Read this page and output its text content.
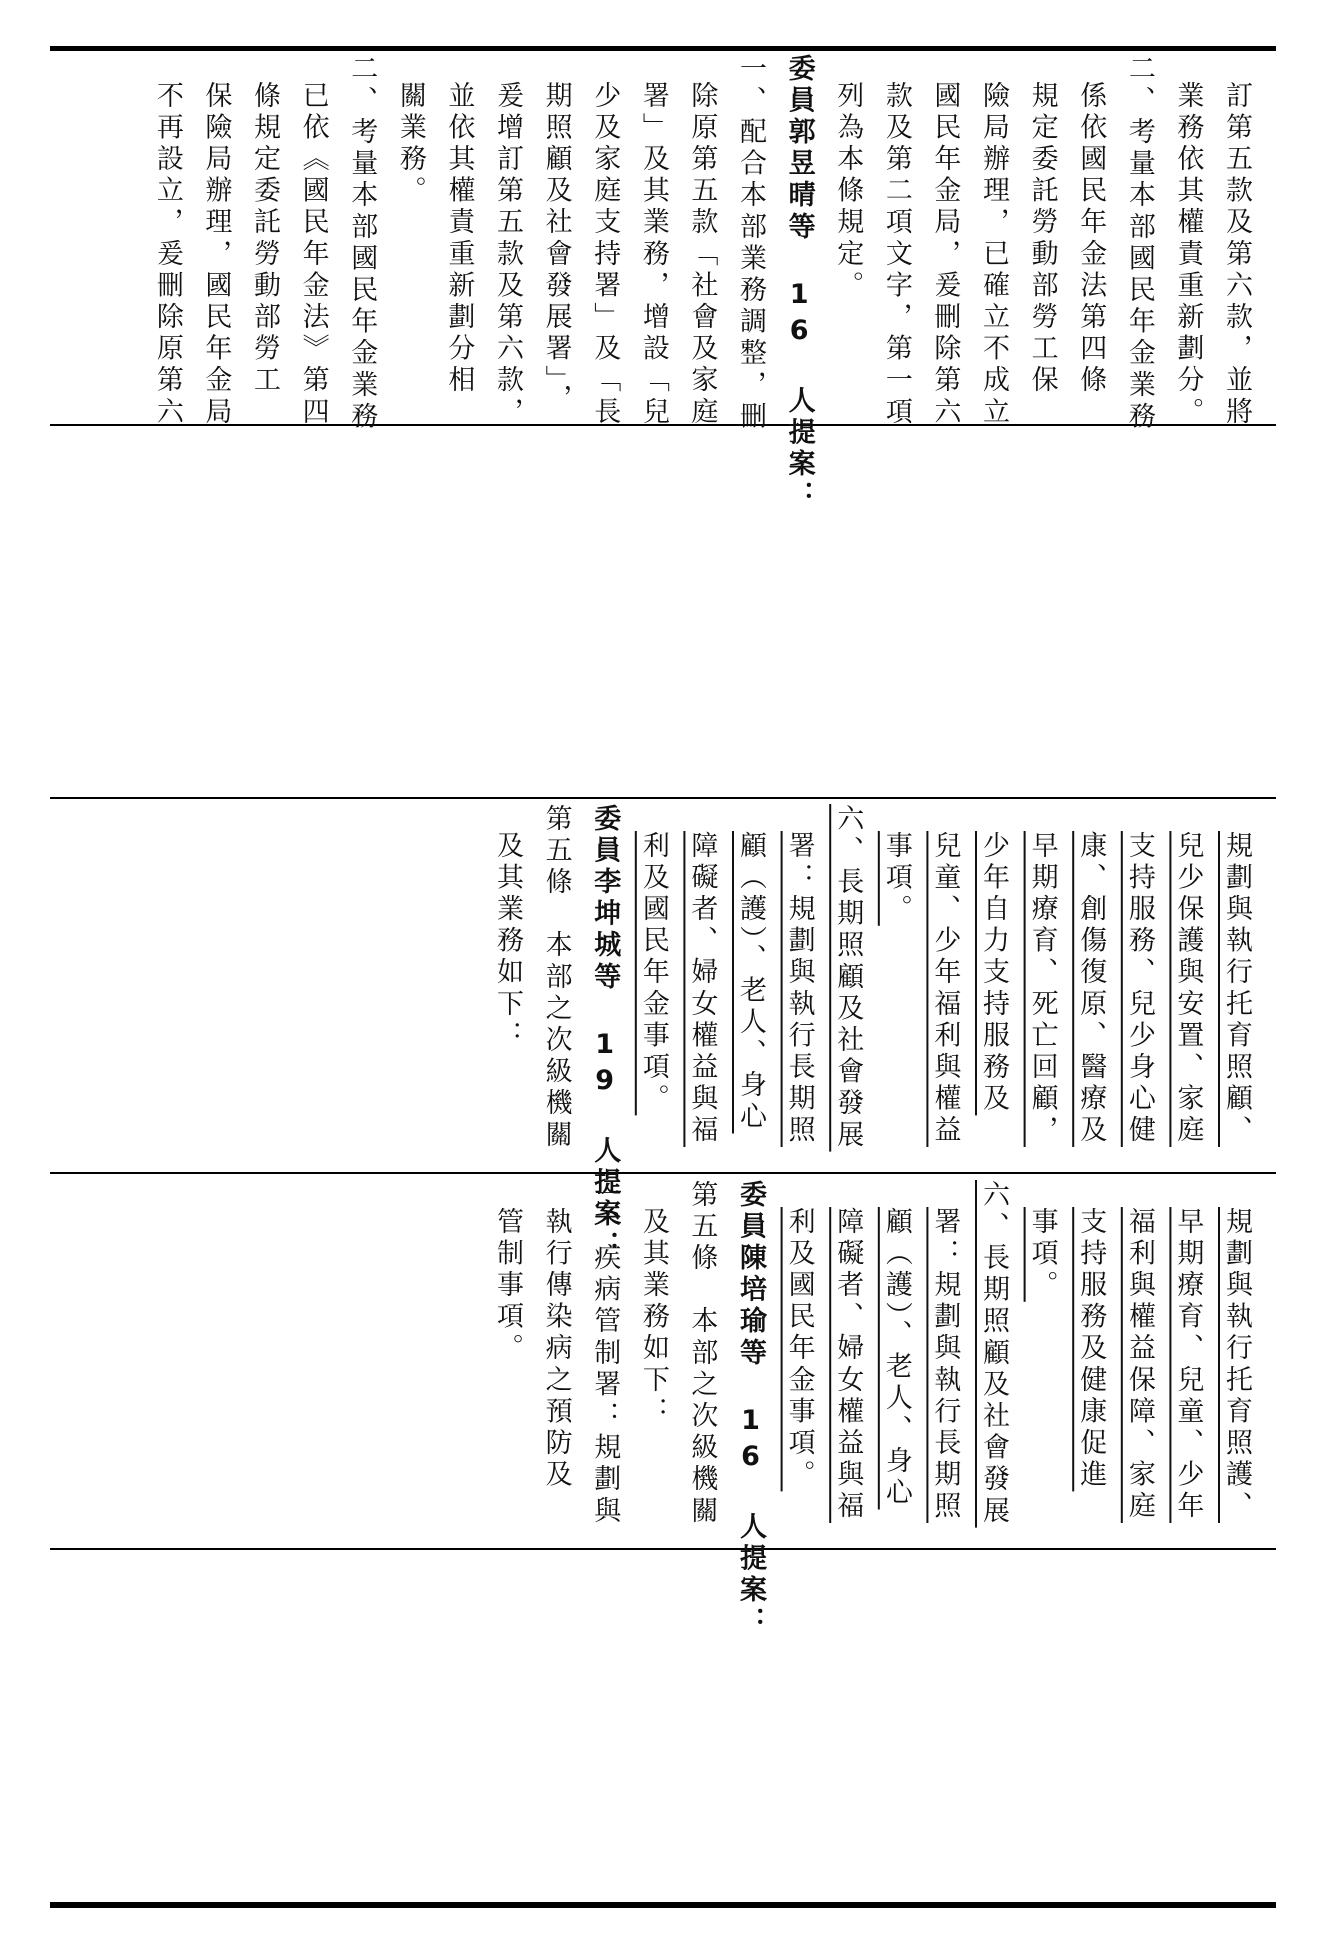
訂第五款及第六款，並將
業務依其權責重新劃分。
二、考量本部國民年金業務
係依國民年金法第四條
規定委託勞動部勞工保
險局辦理，已確立不成立
國民年金局，爰刪除第六
款及第二項文字，第一項
列為本條規定。
委員郭昱晴等 16 人提案：
一、配合本部業務調整，刪
除原第五款「社會及家庭
署」及其業務，增設「兒
少及家庭支持署」及「長
期照顧及社會發展署」，
爰增訂第五款及第六款，
並依其權責重新劃分相
關業務。
二、考量本部國民年金業務
已依《國民年金法》第四
條規定委託勞動部勞工
保險局辦理，國民年金局
不再設立，爰刪除原第六
規劃與執行托育照顧、
兒少保護與安置、家庭
支持服務、兒少身心健
康、創傷復原、醫療及
早期療育、死亡回顧，
少年自力支持服務及
兒童、少年福利與權益
事項。
六、長期照顧及社會發展
署：規劃與執行長期照
顧（護）、老人、身心
障礙者、婦女權益與福
利及國民年金事項。
委員李坤城等 19 人提案：
第五條　本部之次級機關
及其業務如下：
規劃與執行托育照護、
早期療育、兒童、少年
福利與權益保障、家庭
支持服務及健康促進
事項。
六、長期照顧及社會發展
署：規劃與執行長期照
顧（護）、老人、身心
障礙者、婦女權益與福
利及國民年金事項。
委員陳培瑜等 16 人提案：
第五條　本部之次級機關
及其業務如下：
一、疾病管制署：規劃與
執行傳染病之預防及
管制事項。
